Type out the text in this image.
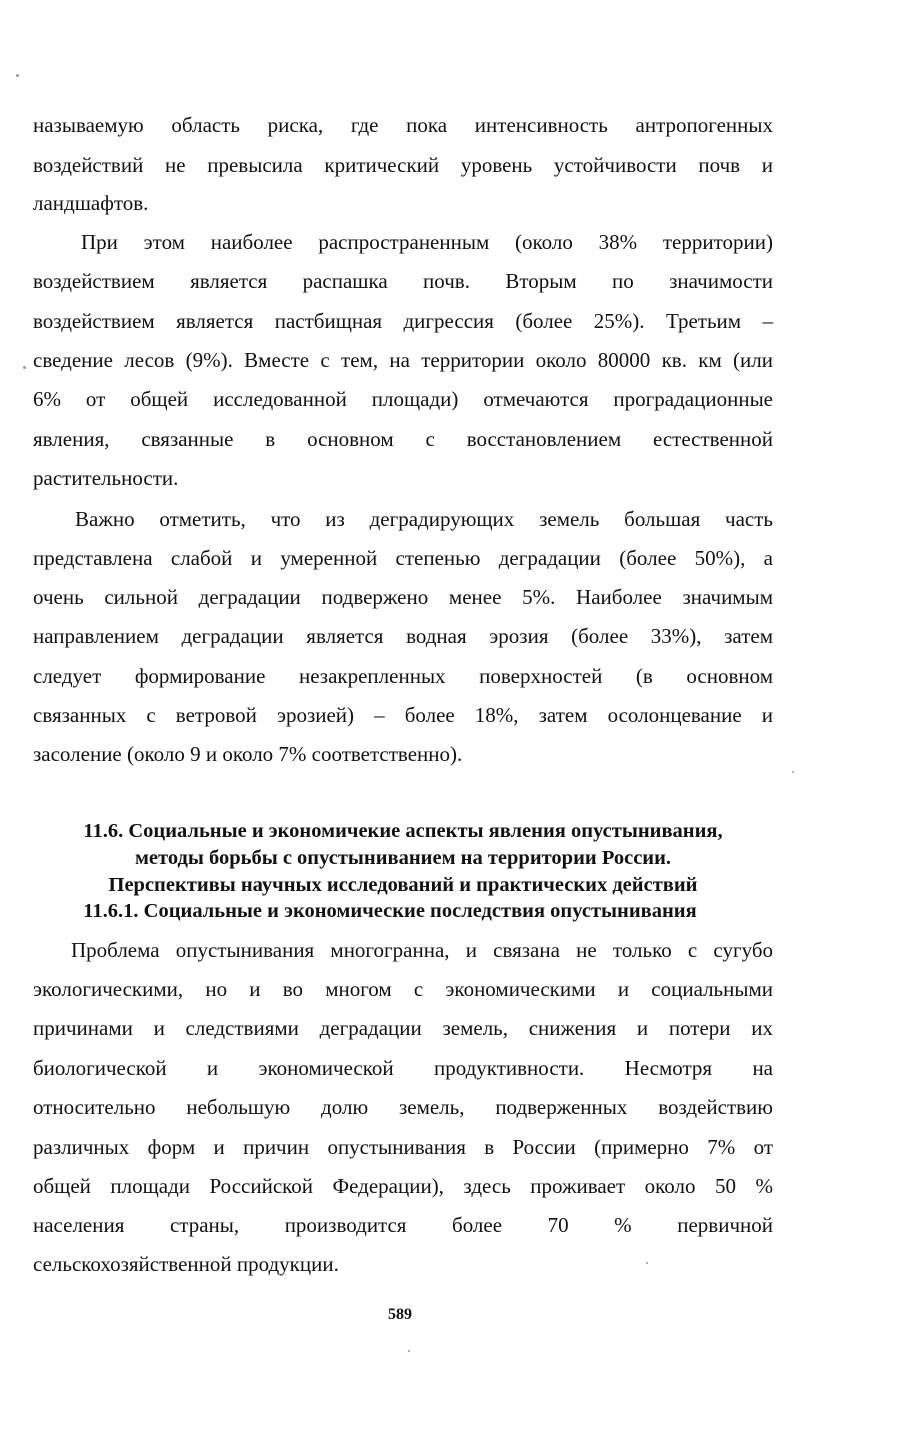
называемую область риска, где пока интенсивность антропогенных
воздействий не превысила критический уровень устойчивости почв и
ландшафтов.
При этом наиболее распространенным (около 38% территории)
воздействием является распашка почв. Вторым по значимости
воздействием является пастбищная дигрессия (более 25%). Третьим –
сведение лесов (9%). Вместе с тем, на территории около 80000 кв. км (или
6% от общей исследованной площади) отмечаются проградационные
явления, связанные в основном с восстановлением естественной
растительности.
Важно отметить, что из деградирующих земель большая часть
представлена слабой и умеренной степенью деградации (более 50%), а
очень сильной деградации подвержено менее 5%. Наиболее значимым
направлением деградации является водная эрозия (более 33%), затем
следует формирование незакрепленных поверхностей (в основном
связанных с ветровой эрозией) – более 18%, затем осолонцевание и
засоление (около 9 и около 7% соответственно).
11.6. Социальные и экономичекие аспекты явления опустынивания,
методы борьбы с опустыниванием на территории России.
Перспективы научных исследований и практических действий
11.6.1. Социальные и экономические последствия опустынивания
Проблема опустынивания многогранна, и связана не только с сугубо
экологическими, но и во многом с экономическими и социальными
причинами и следствиями деградации земель, снижения и потери их
биологической и экономической продуктивности. Несмотря на
относительно небольшую долю земель, подверженных воздействию
различных форм и причин опустынивания в России (примерно 7% от
общей площади Российской Федерации), здесь проживает около 50 %
населения страны, производится более 70 % первичной
сельскохозяйственной продукции.
589
